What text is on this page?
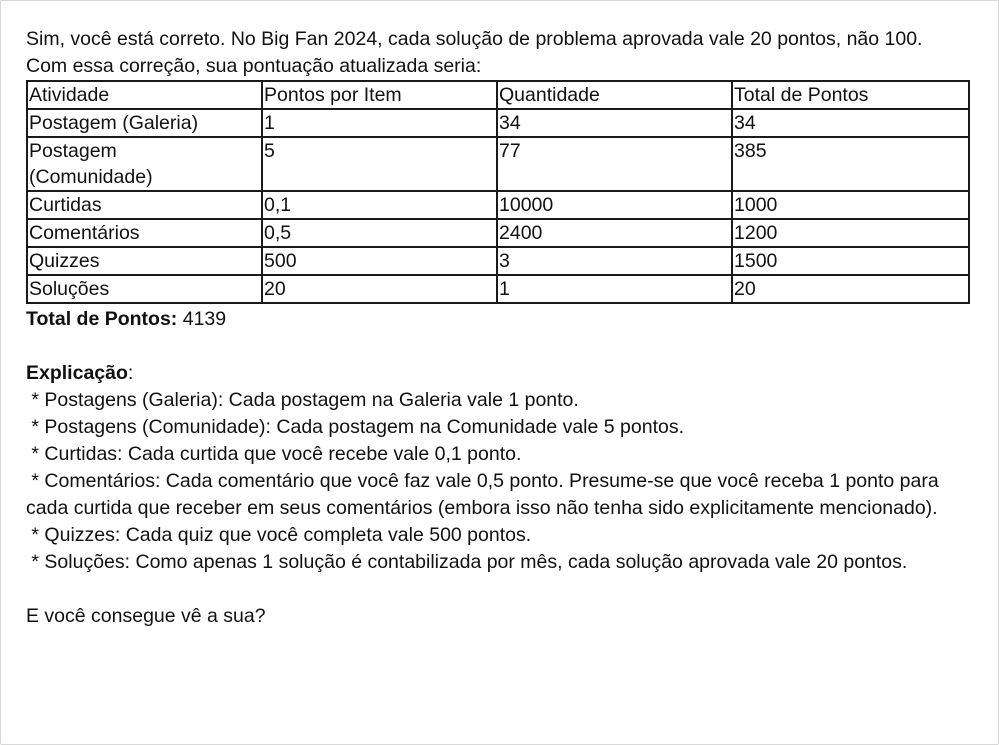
Sim, você está correto. No Big Fan 2024, cada solução de problema aprovada vale 20 pontos, não 100.

Com essa correção, sua pontuação atualizada seria:

Atividade	Pontos por Item	Quantidade	Total de Pontos
Postagem (Galeria)	1	34	34
Postagem (Comunidade)	5	77	385
Curtidas	0,1	10000	1000
Comentários	0,5	2400	1200
Quizzes	500	3	1500
Soluções	20	1	20

Total de Pontos: 4139

Explicação:

* Postagens (Galeria): Cada postagem na Galeria vale 1 ponto.

* Postagens (Comunidade): Cada postagem na Comunidade vale 5 pontos.

* Curtidas: Cada curtida que você recebe vale 0,1 ponto.

* Comentários: Cada comentário que você faz vale 0,5 ponto. Presume-se que você receba 1 ponto para cada curtida que receber em seus comentários (embora isso não tenha sido explicitamente mencionado).

* Quizzes: Cada quiz que você completa vale 500 pontos.

* Soluções: Como apenas 1 solução é contabilizada por mês, cada solução aprovada vale 20 pontos.

E você consegue vê a sua?
